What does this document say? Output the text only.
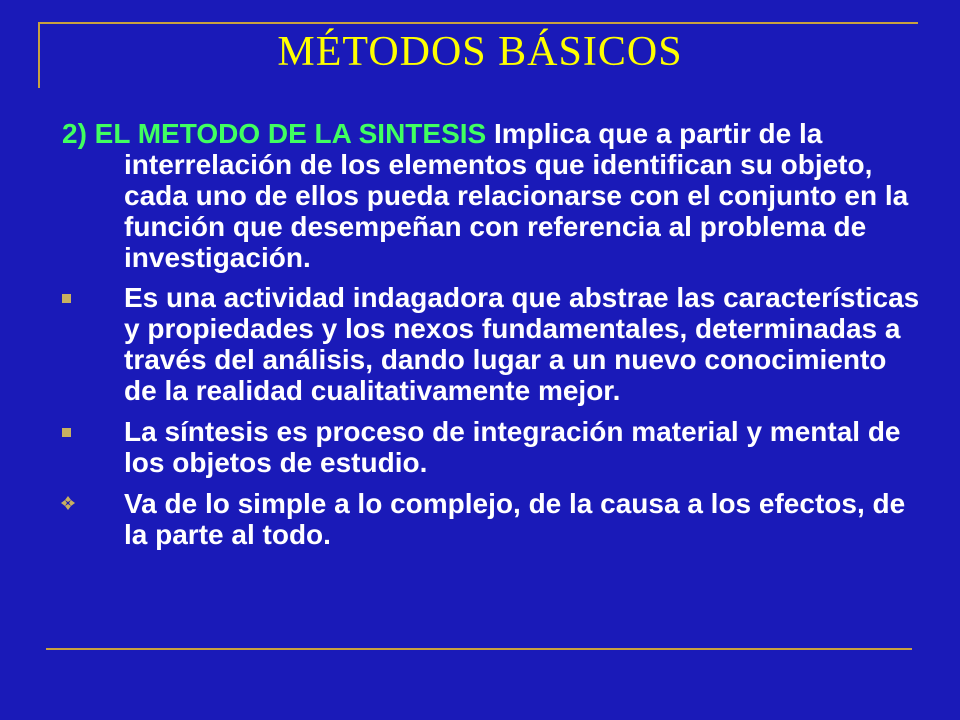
MÉTODOS BÁSICOS

2) EL METODO DE LA SINTESIS Implica que a partir de la interrelación de los elementos que identifican su objeto, cada uno de ellos pueda relacionarse con el conjunto en la función que desempeñan con referencia al problema de investigación.

Es una actividad indagadora que abstrae las características y propiedades y los nexos fundamentales, determinadas a través del análisis, dando lugar a un nuevo conocimiento de la realidad cualitativamente mejor.
La síntesis es proceso de integración material y mental de los objetos de estudio.
Va de lo simple a lo complejo, de la causa a los efectos, de la parte al todo.
